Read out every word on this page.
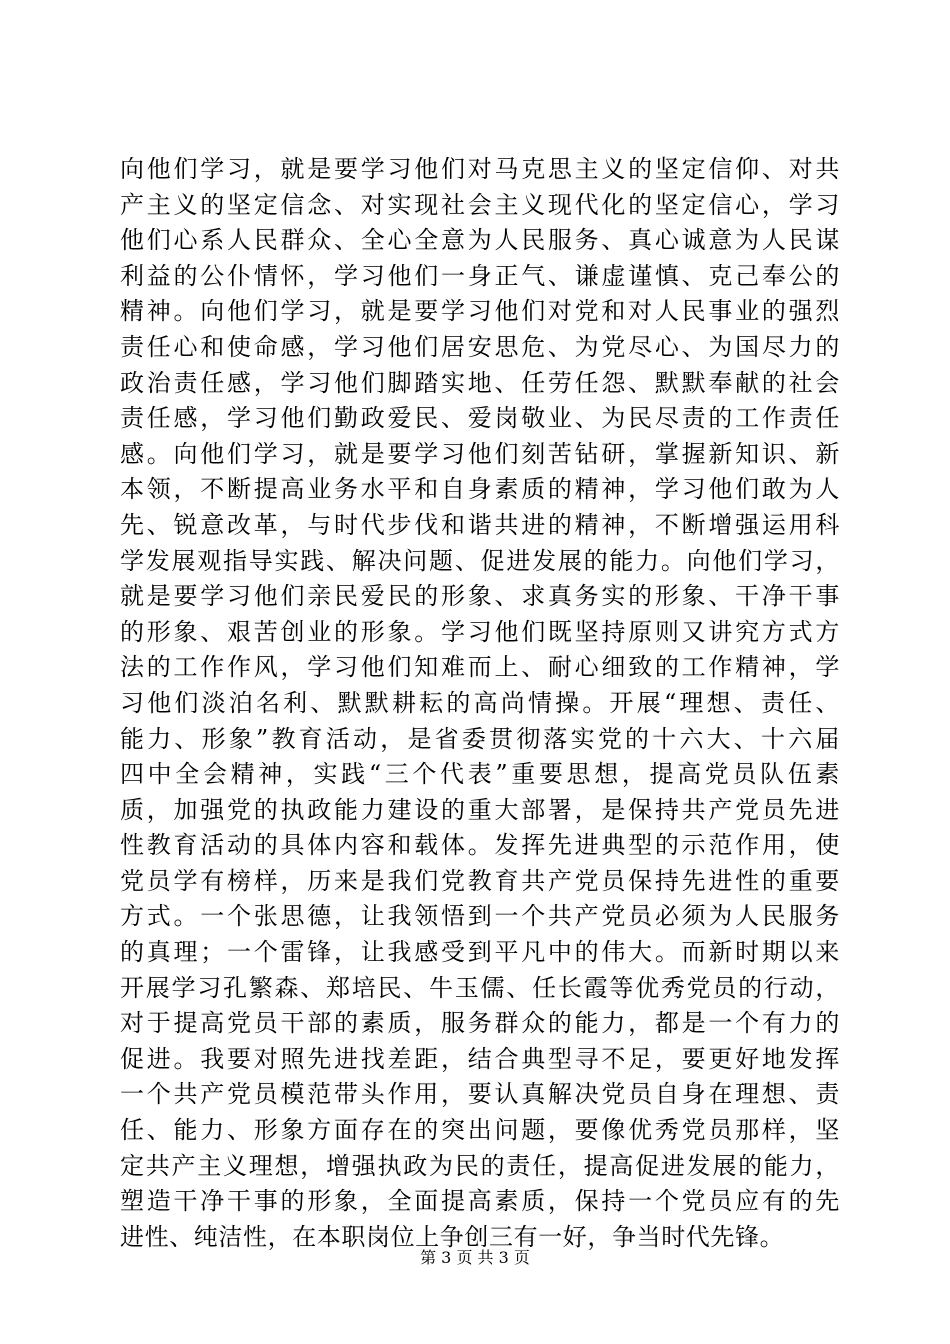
向他们学习，就是要学习他们对马克思主义的坚定信仰、对共
产主义的坚定信念、对实现社会主义现代化的坚定信心，学习
他们心系人民群众、全心全意为人民服务、真心诚意为人民谋
利益的公仆情怀，学习他们一身正气、谦虚谨慎、克己奉公的
精神。向他们学习，就是要学习他们对党和对人民事业的强烈
责任心和使命感，学习他们居安思危、为党尽心、为国尽力的
政治责任感，学习他们脚踏实地、任劳任怨、默默奉献的社会
责任感，学习他们勤政爱民、爱岗敬业、为民尽责的工作责任
感。向他们学习，就是要学习他们刻苦钻研，掌握新知识、新
本领，不断提高业务水平和自身素质的精神，学习他们敢为人
先、锐意改革，与时代步伐和谐共进的精神，不断增强运用科
学发展观指导实践、解决问题、促进发展的能力。向他们学习，
就是要学习他们亲民爱民的形象、求真务实的形象、干净干事
的形象、艰苦创业的形象。学习他们既坚持原则又讲究方式方
法的工作作风，学习他们知难而上、耐心细致的工作精神，学
习他们淡泊名利、默默耕耘的高尚情操。开展“理想、责任、
能力、形象”教育活动，是省委贯彻落实党的十六大、十六届
四中全会精神，实践“三个代表”重要思想，提高党员队伍素
质，加强党的执政能力建设的重大部署，是保持共产党员先进
性教育活动的具体内容和载体。发挥先进典型的示范作用，使
党员学有榜样，历来是我们党教育共产党员保持先进性的重要
方式。一个张思德，让我领悟到一个共产党员必须为人民服务
的真理；一个雷锋，让我感受到平凡中的伟大。而新时期以来
开展学习孔繁森、郑培民、牛玉儒、任长霞等优秀党员的行动，
对于提高党员干部的素质，服务群众的能力，都是一个有力的
促进。我要对照先进找差距，结合典型寻不足，要更好地发挥
一个共产党员模范带头作用，要认真解决党员自身在理想、责
任、能力、形象方面存在的突出问题，要像优秀党员那样，坚
定共产主义理想，增强执政为民的责任，提高促进发展的能力，
塑造干净干事的形象，全面提高素质，保持一个党员应有的先
进性、纯洁性，在本职岗位上争创三有一好，争当时代先锋。
第 3 页 共 3 页
